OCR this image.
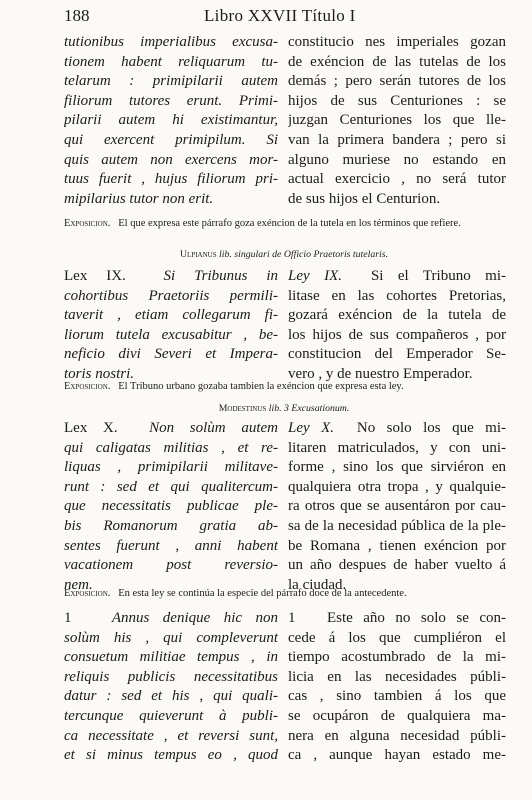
188	Libro XXVII Título I
tutionibus imperialibus excusa-
tionem habent reliquarum tu-
telarum : primipilarii autem
filiorum tutores erunt. Primi-
pilarii autem hi existimantur,
qui exercent primipilum. Si
quis autem non exercens mor-
tuus fuerit , hujus filiorum pri-
mipilarius tutor non erit.
constitucio nes imperiales gozan
de exéncion de las tutelas de los
demás ; pero serán tutores de los
hijos de sus Centuriones : se
juzgan Centuriones los que lle-
van la primera bandera ; pero si
alguno muriese no estando en
actual exercicio , no será tutor
de sus hijos el Centurion.
Exposicion. El que expresa este párrafo goza exéncion de la tutela en los términos que refiere.
Ulpianus lib. singulari de Officio Praetoris tutelaris.
Lex IX.	Si Tribunus in
cohortibus Praetoriis permili-
taverit , etiam collegarum fi-
liorum tutela excusabitur , be-
neficio divi Severi et Impera-
toris nostri.
Ley IX. Si el Tribuno mi-
litase en las cohortes Pretorias,
gozará exéncion de la tutela de
los hijos de sus compañeros , por
constitucion del Emperador Se-
vero , y de nuestro Emperador.
Exposicion. El Tribuno urbano gozaba tambien la exéncion que expresa esta ley.
Modestinus lib. 3 Excusationum.
Lex X. Non solùm autem
qui caligatas militias , et re-
liquas , primipilarii militave-
runt : sed et qui qualitercum-
que necessitatis publicae ple-
bis Romanorum gratia ab-
sentes fuerunt , anni habent
vacationem post reversio-
nem.
Ley X. No solo los que mi-
litaren matriculados, y con uni-
forme , sino los que sirviéron en
qualquiera otra tropa , y qualquie-
ra otros que se ausentáron por cau-
sa de la necesidad pública de la ple-
be Romana , tienen exéncion por
un año despues de haber vuelto á
la ciudad.
Exposicion. En esta ley se continúa la especie del párrafo doce de la antecedente.
1	Annus denique hic non
solùm his , qui compleverunt
consuetum militiae tempus , in
reliquis publicis necessitatibus
datur : sed et his , qui quali-
tercunque quieverunt à publi-
ca necessitate , et reversi sunt,
et si minus tempus eo , quod
1 Este año no solo se con-
cede á los que cumpliéron el
tiempo acostumbrado de la mi-
licia en las necesidades públi-
cas , sino tambien á los que
se ocupáron de qualquiera ma-
nera en alguna necesidad públi-
ca , aunque hayan estado me-
